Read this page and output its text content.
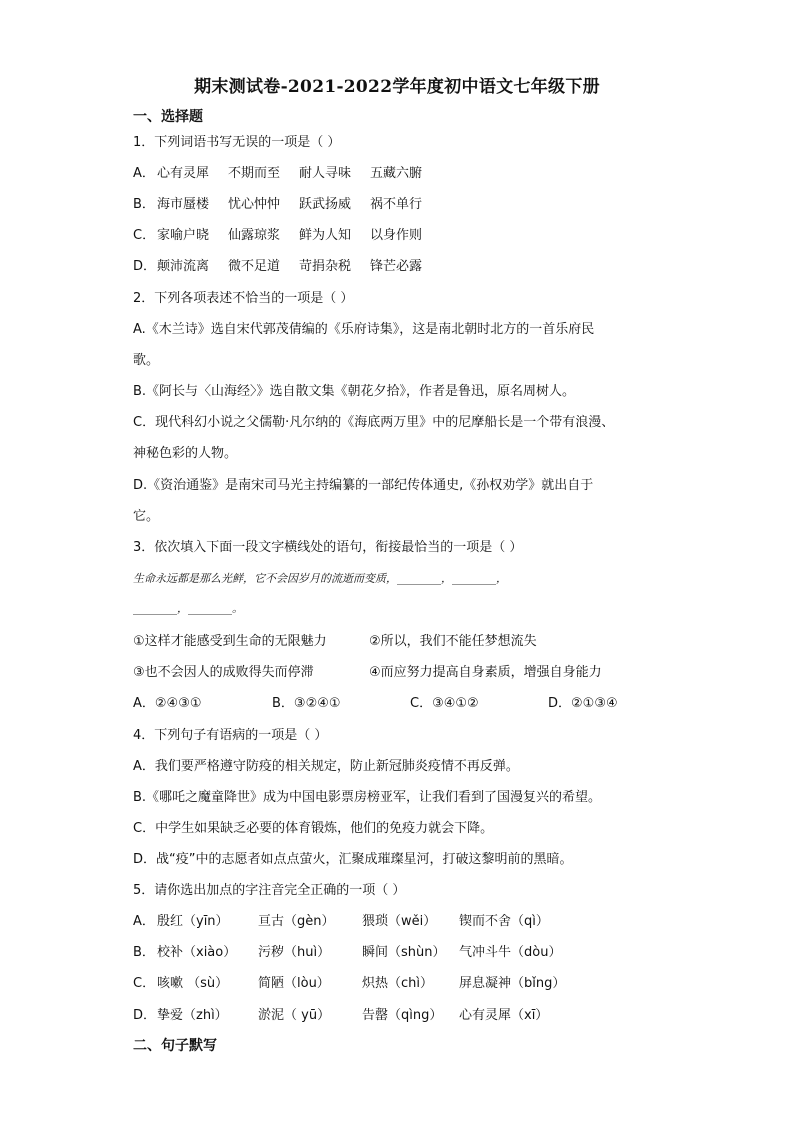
期末测试卷-2021-2022学年度初中语文七年级下册
一、选择题
1．下列词语书写无误的一项是（ ）
A． 心有灵犀 不期而至 耐人寻味 五藏六腑
B． 海市蜃楼 忧心忡忡 跃武扬威 祸不单行
C． 家喻户晓 仙露琼浆 鲜为人知 以身作则
D．颠沛流离 微不足道 苛捐杂税 锋芒必露
2．下列各项表述不恰当的一项是（ ）
A.《木兰诗》选自宋代郭茂倩编的《乐府诗集》，这是南北朝时北方的一首乐府民
歌。
B.《阿长与〈山海经〉》选自散文集《朝花夕拾》，作者是鲁迅，原名周树人。
C．现代科幻小说之父儒勒·凡尔纳的《海底两万里》中的尼摩船长是一个带有浪漫、
神秘色彩的人物。
D.《资治通鉴》是南宋司马光主持编纂的一部纪传体通史,《孙权劝学》就出自于
它。
3．依次填入下面一段文字横线处的语句，衔接最恰当的一项是（ ）
生命永远都是那么光鲜，它不会因岁月的流逝而变质，________，________，
________，________。
①这样才能感受到生命的无限魅力	②所以，我们不能任梦想流失
③也不会因人的成败得失而停滞	④而应努力提高自身素质，增强自身能力
A．②④③①	B．③②④①	C．③④①②	D．②①③④
4．下列句子有语病的一项是（ ）
A．我们要严格遵守防疫的相关规定，防止新冠肺炎疫情不再反弹。
B.《哪吒之魔童降世》成为中国电影票房榜亚军，让我们看到了国漫复兴的希望。
C．中学生如果缺乏必要的体育锻炼，他们的免疫力就会下降。
D．战“疫”中的志愿者如点点萤火，汇聚成璀璨星河，打破这黎明前的黑暗。
5．请你选出加点的字注音完全正确的一项（ ）
A． 殷红（yīn） 亘古（gèn） 猥琐（wěi） 锲而不舍（qì）
B． 校补（xiào） 污秽（huì） 瞬间（shùn） 气冲斗牛（dòu）
C． 咳嗽 （sù） 简陋（lòu） 炽热（chì） 屏息凝神（bǐng）
D．挚爱（zhì） 淤泥（ yū） 告罄（qìng） 心有灵犀（xī）
二、句子默写
